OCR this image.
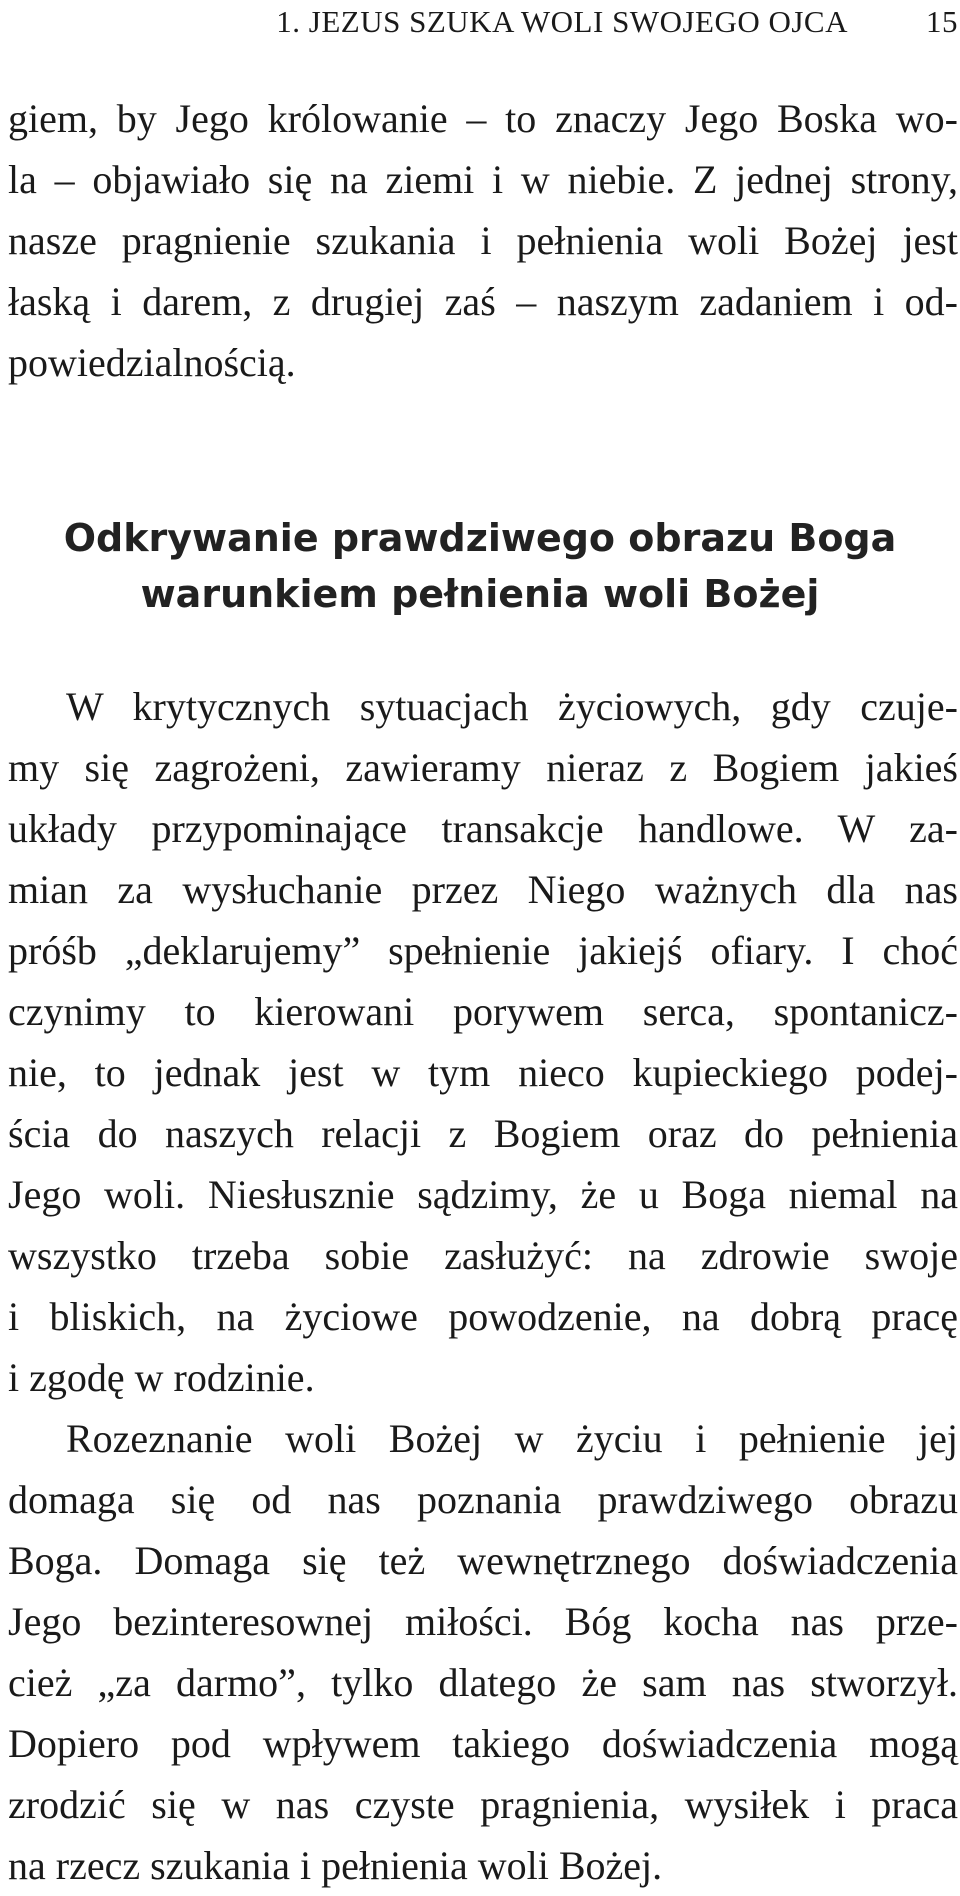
1. JEZUS SZUKA WOLI SWOJEGO OJCA	15

giem, by Jego królowanie – to znaczy Jego Boska wo-
la – objawiało się na ziemi i w niebie. Z jednej strony,
nasze pragnienie szukania i pełnienia woli Bożej jest
łaską i darem, z drugiej zaś – naszym zadaniem i od-
powiedzialnością.

Odkrywanie prawdziwego obrazu Boga
warunkiem pełnienia woli Bożej

W krytycznych sytuacjach życiowych, gdy czuje-
my się zagrożeni, zawieramy nieraz z Bogiem jakieś
układy przypominające transakcje handlowe. W za-
mian za wysłuchanie przez Niego ważnych dla nas
próśb „deklarujemy” spełnienie jakiejś ofiary. I choć
czynimy to kierowani porywem serca, spontanicz-
nie, to jednak jest w tym nieco kupieckiego podej-
ścia do naszych relacji z Bogiem oraz do pełnienia
Jego woli. Niesłusznie sądzimy, że u Boga niemal na
wszystko trzeba sobie zasłużyć: na zdrowie swoje
i bliskich, na życiowe powodzenie, na dobrą pracę
i zgodę w rodzinie.

Rozeznanie woli Bożej w życiu i pełnienie jej
domaga się od nas poznania prawdziwego obrazu
Boga. Domaga się też wewnętrznego doświadczenia
Jego bezinteresownej miłości. Bóg kocha nas prze-
cież „za darmo”, tylko dlatego że sam nas stworzył.
Dopiero pod wpływem takiego doświadczenia mogą
zrodzić się w nas czyste pragnienia, wysiłek i praca
na rzecz szukania i pełnienia woli Bożej.
